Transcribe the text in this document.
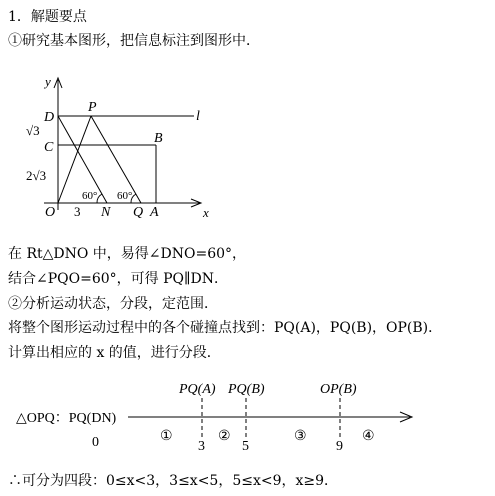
1．解题要点
①研究基本图形，把信息标注到图形中．
y
D
P
l
B
C
√3
2√3
60° 60°
O 3 N Q A	x
在 Rt△DNO 中，易得∠DNO=60°，
结合∠PQO=60°，可得 PQ∥DN．
②分析运动状态，分段，定范围．
将整个图形运动过程中的各个碰撞点找到：PQ(A)，PQ(B)，OP(B)．
计算出相应的 x 的值，进行分段．
△OPQ：PQ(DN)
0
PQ(A) PQ(B)	OP(B)
3	5	9
①	②	③	④
∴可分为四段：0≤x<3，3≤x<5，5≤x<9，x≥9．
